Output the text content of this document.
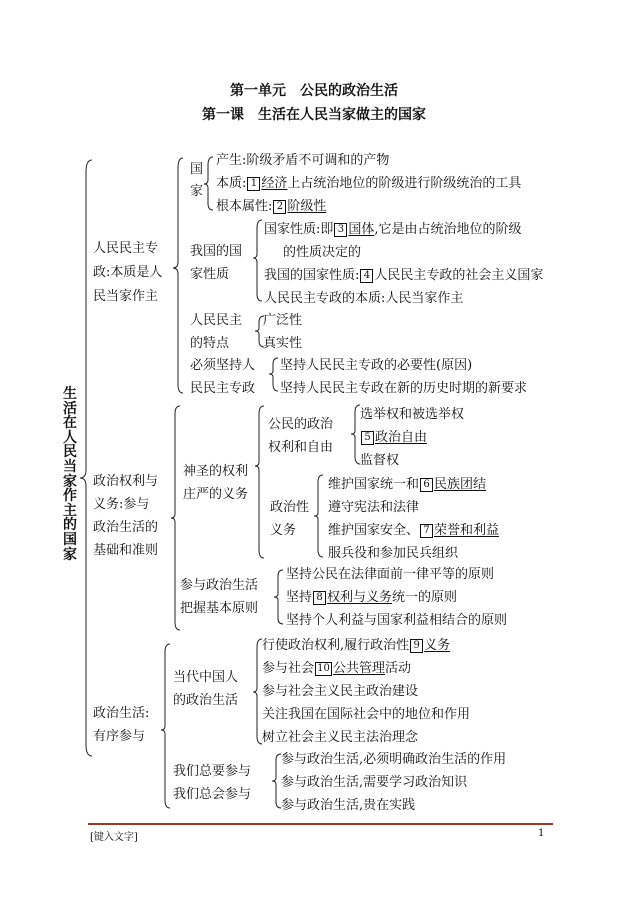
第一单元　公民的政治生活
第一课　生活在人民当家做主的国家
生活在人民当家作主的国家
人民民主专
政:本质是人
民当家作主
国
家
产生:阶级矛盾不可调和的产物
本质: 1 经济上占统治地位的阶级进行阶级统治的工具
根本属性: 2 阶级性
我国的国
家性质
国家性质:即 3 国体,它是由占统治地位的阶级
的性质决定的
我国的国家性质: 4 人民民主专政的社会主义国家
人民民主专政的本质:人民当家作主
人民民主
的特点
广泛性
真实性
必须坚持人
民民主专政
坚持人民民主专政的必要性(原因)
坚持人民民主专政在新的历史时期的新要求
政治权利与
义务:参与
政治生活的
基础和准则
神圣的权利
庄严的义务
公民的政治
权利和自由
选举权和被选举权
5 政治自由
监督权
政治性
义务
维护国家统一和 6 民族团结
遵守宪法和法律
维护国家安全、 7 荣誉和利益
服兵役和参加民兵组织
参与政治生活
把握基本原则
坚持公民在法律面前一律平等的原则
坚持 8 权利与义务统一的原则
坚持个人利益与国家利益相结合的原则
政治生活:
有序参与
当代中国人
的政治生活
行使政治权利,履行政治性 9 义务
参与社会 10 公共管理活动
参与社会主义民主政治建设
关注我国在国际社会中的地位和作用
树立社会主义民主法治理念
我们总要参与
我们总会参与
参与政治生活,必须明确政治生活的作用
参与政治生活,需要学习政治知识
参与政治生活,贵在实践
[键入文字]	1
